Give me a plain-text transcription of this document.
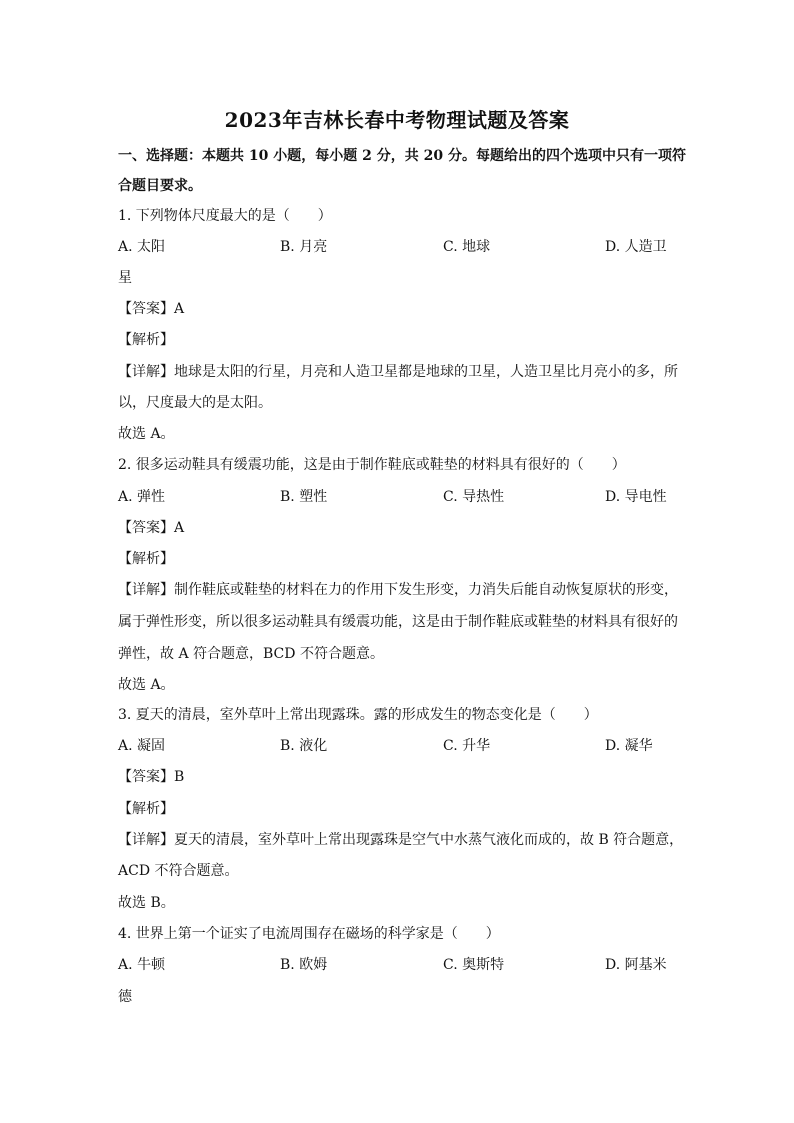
2023年吉林长春中考物理试题及答案
一、选择题：本题共 10 小题，每小题 2 分，共 20 分。每题给出的四个选项中只有一项符
合题目要求。
1. 下列物体尺度最大的是（　　）
A. 太阳	B. 月亮	C. 地球	D. 人造卫
星
【答案】A
【解析】
【详解】地球是太阳的行星，月亮和人造卫星都是地球的卫星，人造卫星比月亮小的多，所
以，尺度最大的是太阳。
故选 A。
2. 很多运动鞋具有缓震功能，这是由于制作鞋底或鞋垫的材料具有很好的（　　）
A. 弹性	B. 塑性	C. 导热性	D. 导电性
【答案】A
【解析】
【详解】制作鞋底或鞋垫的材料在力的作用下发生形变，力消失后能自动恢复原状的形变，
属于弹性形变，所以很多运动鞋具有缓震功能，这是由于制作鞋底或鞋垫的材料具有很好的
弹性，故 A 符合题意，BCD 不符合题意。
故选 A。
3. 夏天的清晨，室外草叶上常出现露珠。露的形成发生的物态变化是（　　）
A. 凝固	B. 液化	C. 升华	D. 凝华
【答案】B
【解析】
【详解】夏天的清晨，室外草叶上常出现露珠是空气中水蒸气液化而成的，故 B 符合题意，
ACD 不符合题意。
故选 B。
4. 世界上第一个证实了电流周围存在磁场的科学家是（　　）
A. 牛顿	B. 欧姆	C. 奥斯特	D. 阿基米
德
